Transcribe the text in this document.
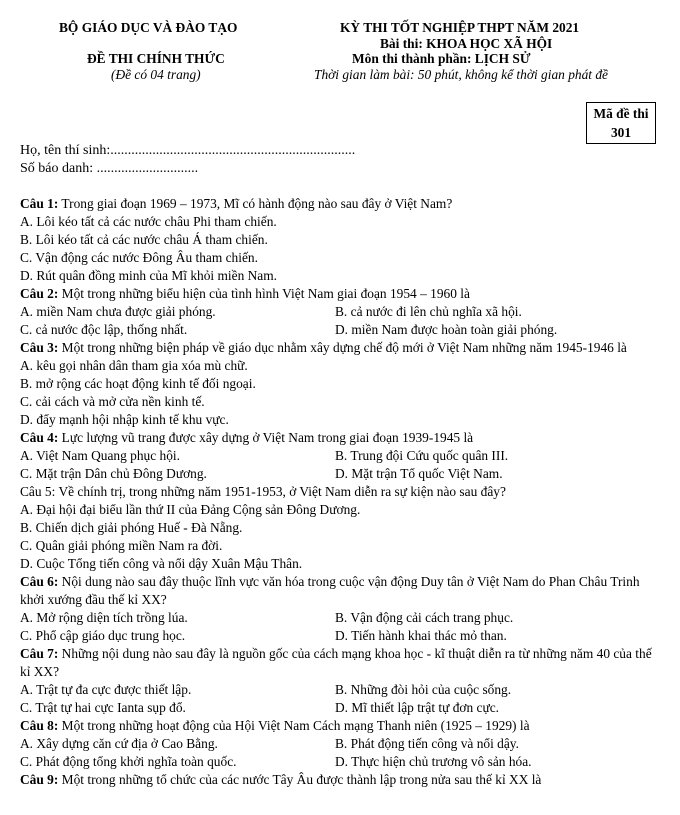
BỘ GIÁO DỤC VÀ ĐÀO TẠO
ĐỀ THI CHÍNH THỨC
(Đề có 04 trang)
KỲ THI TỐT NGHIỆP THPT NĂM 2021
Bài thi: KHOA HỌC XÃ HỘI
Môn thi thành phần: LỊCH SỬ
Thời gian làm bài: 50 phút, không kể thời gian phát đề
Mã đề thi
301
Họ, tên thí sinh:......................................................................
Số báo danh: .............................
Câu 1: Trong giai đoạn 1969 – 1973, Mĩ có hành động nào sau đây ở Việt Nam?
A. Lôi kéo tất cả các nước châu Phi tham chiến.
B. Lôi kéo tất cả các nước châu Á tham chiến.
C. Vận động các nước Đông Âu tham chiến.
D. Rút quân đồng minh của Mĩ khỏi miền Nam.
Câu 2: Một trong những biểu hiện của tình hình Việt Nam giai đoạn 1954 – 1960 là
A. miền Nam chưa được giải phóng.	B. cả nước đi lên chủ nghĩa xã hội.
C. cả nước độc lập, thống nhất.	D. miền Nam được hoàn toàn giải phóng.
Câu 3: Một trong những biện pháp về giáo dục nhằm xây dựng chế độ mới ở Việt Nam những năm 1945-1946 là
A. kêu gọi nhân dân tham gia xóa mù chữ.
B. mở rộng các hoạt động kinh tế đối ngoại.
C. cải cách và mở cửa nền kinh tế.
D. đẩy mạnh hội nhập kinh tế khu vực.
Câu 4: Lực lượng vũ trang được xây dựng ở Việt Nam trong giai đoạn 1939-1945 là
A. Việt Nam Quang phục hội.	B. Trung đội Cứu quốc quân III.
C. Mặt trận Dân chủ Đông Dương.	D. Mặt trận Tổ quốc Việt Nam.
Câu 5: Về chính trị, trong những năm 1951-1953, ở Việt Nam diễn ra sự kiện nào sau đây?
A. Đại hội đại biểu lần thứ II của Đảng Cộng sản Đông Dương.
B. Chiến dịch giải phóng Huế - Đà Nẵng.
C. Quân giải phóng miền Nam ra đời.
D. Cuộc Tổng tiến công và nổi dậy Xuân Mậu Thân.
Câu 6: Nội dung nào sau đây thuộc lĩnh vực văn hóa trong cuộc vận động Duy tân ở Việt Nam do Phan Châu Trinh khởi xướng đầu thế kỉ XX?
A. Mở rộng diện tích trồng lúa.	B. Vận động cải cách trang phục.
C. Phổ cập giáo dục trung học.	D. Tiến hành khai thác mỏ than.
Câu 7: Những nội dung nào sau đây là nguồn gốc của cách mạng khoa học - kĩ thuật diễn ra từ những năm 40 của thế kỉ XX?
A. Trật tự đa cực được thiết lập.	B. Những đòi hỏi của cuộc sống.
C. Trật tự hai cực Ianta sụp đổ.	D. Mĩ thiết lập trật tự đơn cực.
Câu 8: Một trong những hoạt động của Hội Việt Nam Cách mạng Thanh niên (1925 – 1929) là
A. Xây dựng căn cứ địa ở Cao Bằng.	B. Phát động tiến công và nổi dậy.
C. Phát động tổng khởi nghĩa toàn quốc.	D. Thực hiện chủ trương vô sản hóa.
Câu 9: Một trong những tổ chức của các nước Tây Âu được thành lập trong nửa sau thế kỉ XX là
